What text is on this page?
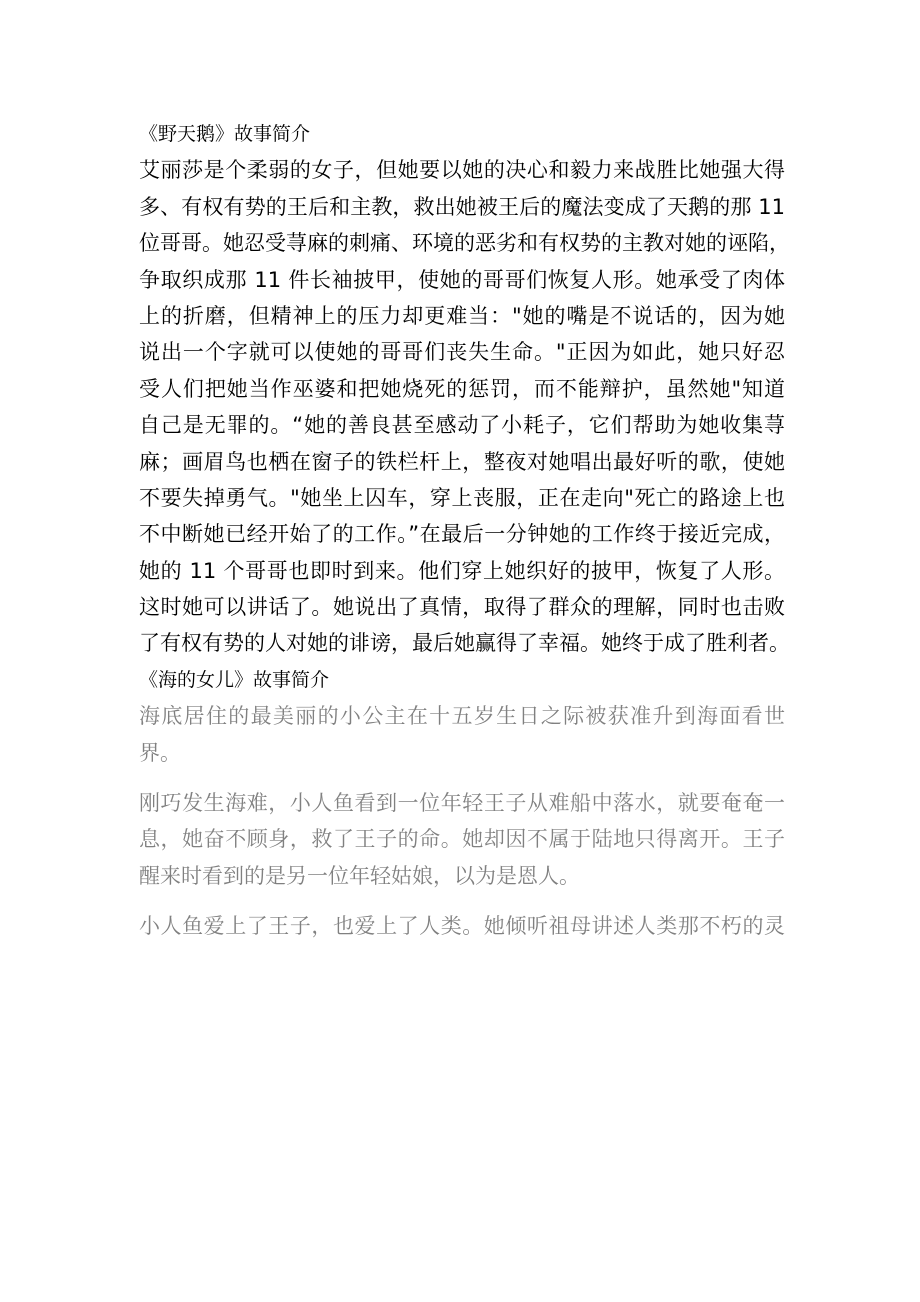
《野天鹅》故事简介
艾丽莎是个柔弱的女子，但她要以她的决心和毅力来战胜比她强大得
多、有权有势的王后和主教，救出她被王后的魔法变成了天鹅的那 11
位哥哥。她忍受荨麻的刺痛、环境的恶劣和有权势的主教对她的诬陷，
争取织成那 11 件长袖披甲，使她的哥哥们恢复人形。她承受了肉体
上的折磨，但精神上的压力却更难当："她的嘴是不说话的，因为她
说出一个字就可以使她的哥哥们丧失生命。"正因为如此，她只好忍
受人们把她当作巫婆和把她烧死的惩罚，而不能辩护，虽然她"知道
自己是无罪的。“她的善良甚至感动了小耗子，它们帮助为她收集荨
麻；画眉鸟也栖在窗子的铁栏杆上，整夜对她唱出最好听的歌，使她
不要失掉勇气。"她坐上囚车，穿上丧服，正在走向"死亡的路途上也
不中断她已经开始了的工作。”在最后一分钟她的工作终于接近完成，
她的 11 个哥哥也即时到来。他们穿上她织好的披甲，恢复了人形。
这时她可以讲话了。她说出了真情，取得了群众的理解，同时也击败
了有权有势的人对她的诽谤，最后她赢得了幸福。她终于成了胜利者。
《海的女儿》故事简介
海底居住的最美丽的小公主在十五岁生日之际被获准升到海面看世
界。
刚巧发生海难，小人鱼看到一位年轻王子从难船中落水，就要奄奄一
息，她奋不顾身，救了王子的命。她却因不属于陆地只得离开。王子
醒来时看到的是另一位年轻姑娘，以为是恩人。
小人鱼爱上了王子，也爱上了人类。她倾听祖母讲述人类那不朽的灵
